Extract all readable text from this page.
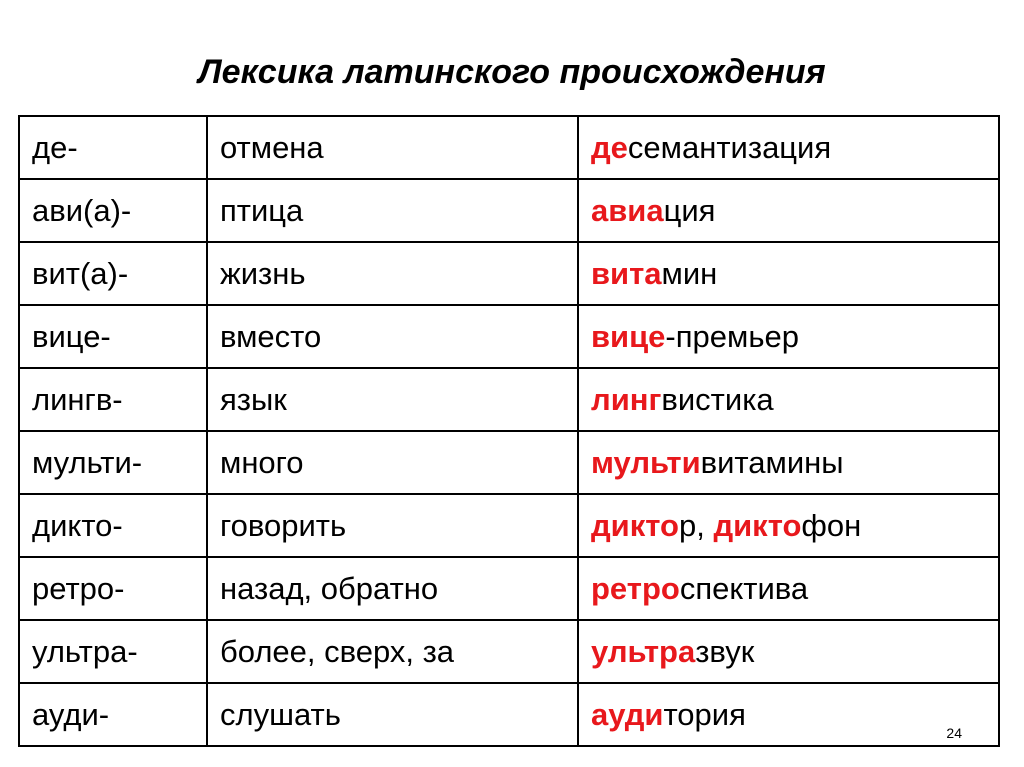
Лексика латинского происхождения
де-	отмена	десемантизация
ави(а)-	птица	авиация
вит(а)-	жизнь	витамин
вице-	вместо	вице-премьер
лингв-	язык	лингвистика
мульти-	много	мультивитамины
дикто-	говорить	диктор, диктофон
ретро-	назад, обратно	ретроспектива
ультра-	более, сверх, за	ультразвук
ауди-	слушать	аудитория
24
